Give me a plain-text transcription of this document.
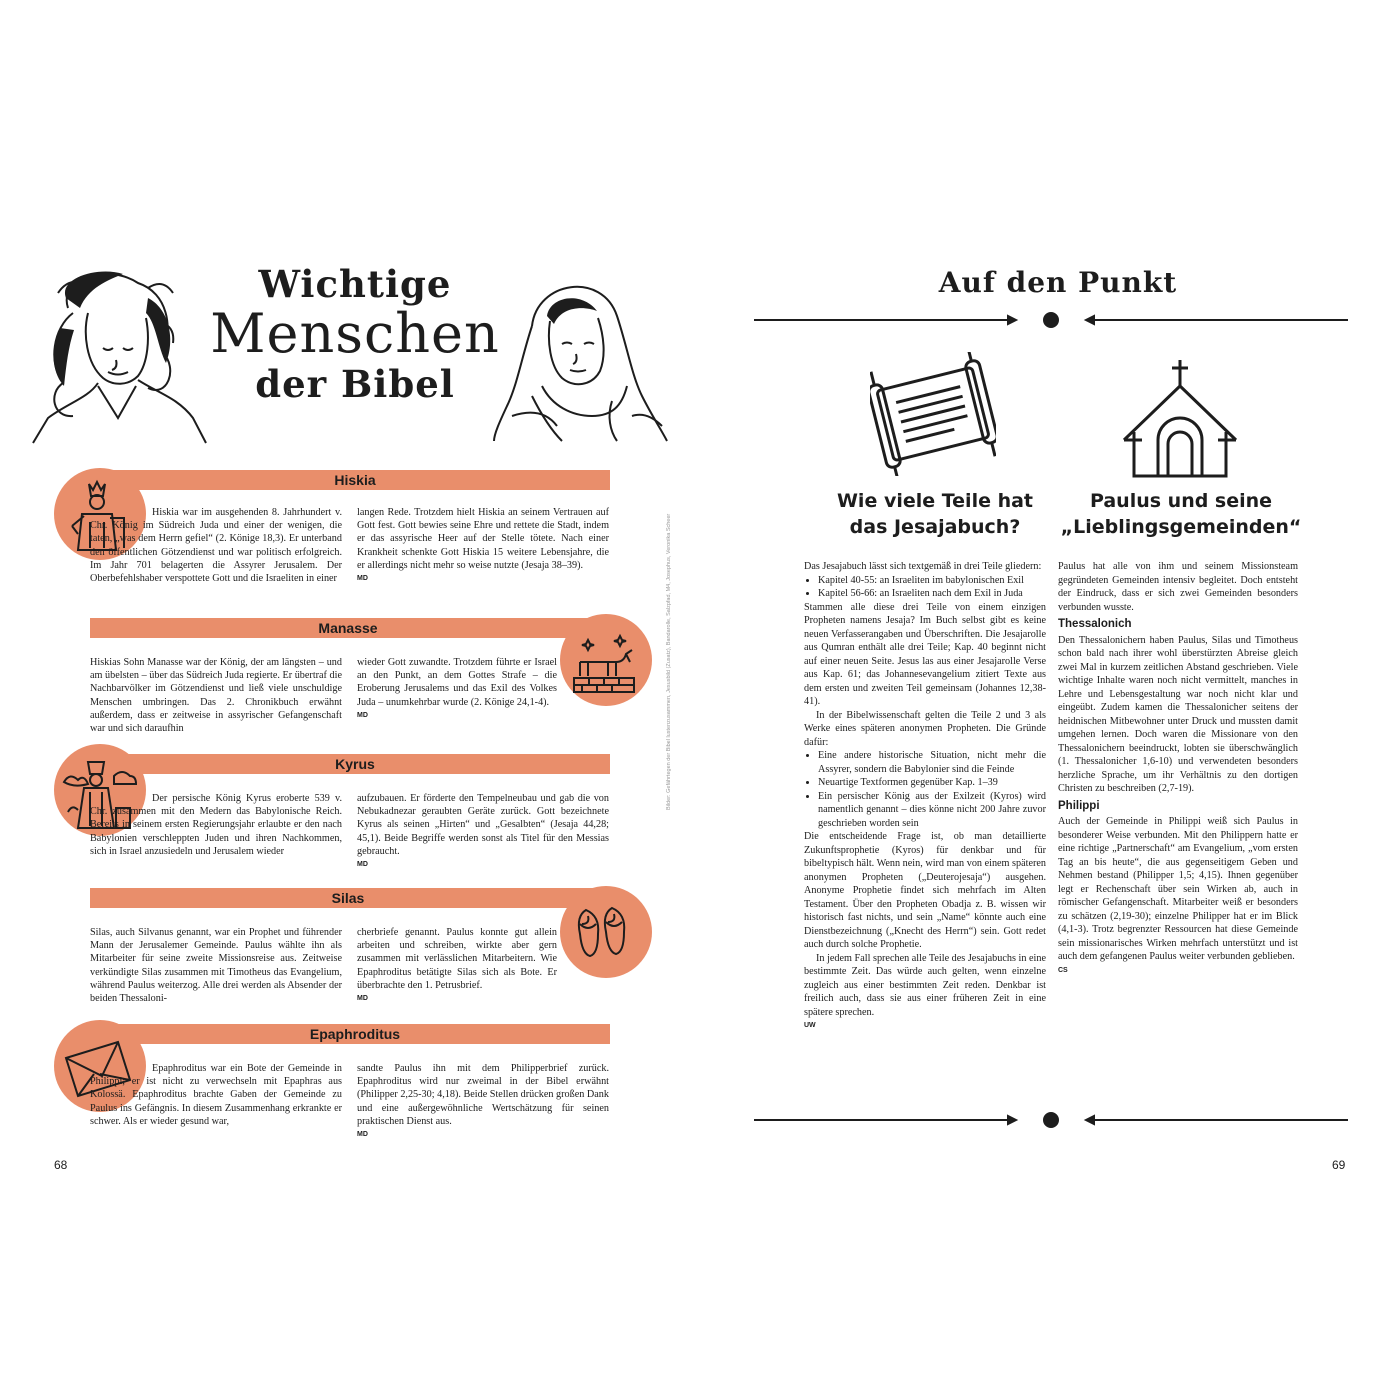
Wichtige
Menschen
der Bibel
Hiskia
Hiskia war im ausgehenden 8. Jahrhundert v. Chr. König im Südreich Juda und einer der wenigen, die taten, „was dem Herrn gefiel“ (2. Könige 18,3). Er unterband den öffentlichen Götzendienst und war politisch erfolgreich. Im Jahr 701 belagerten die Assyrer Jerusalem. Der Oberbefehlshaber verspottete Gott und die Israeliten in einer
langen Rede. Trotzdem hielt Hiskia an seinem Vertrauen auf Gott fest. Gott bewies seine Ehre und rettete die Stadt, indem er das assyrische Heer auf der Stelle tötete. Nach einer Krankheit schenkte Gott Hiskia 15 weitere Lebensjahre, die er allerdings nicht mehr so weise nutzte (Jesaja 38–39).
MD
Manasse
Hiskias Sohn Manasse war der König, der am längsten – und am übelsten – über das Südreich Juda regierte. Er übertraf die Nachbarvölker im Götzendienst und ließ viele unschuldige Menschen umbringen. Das 2. Chronikbuch erwähnt außerdem, dass er zeitweise in assyrischer Gefangenschaft war und sich daraufhin
wieder Gott zuwandte. Trotzdem führte er Israel an den Punkt, an dem Gottes Strafe – die Eroberung Jerusalems und das Exil des Volkes Juda – unumkehrbar wurde (2. Könige 24,1-4).
MD
Kyrus
Der persische König Kyrus eroberte 539 v. Chr. zusammen mit den Medern das Babylonische Reich. Bereits in seinem ersten Regierungsjahr erlaubte er den nach Babylonien verschleppten Juden und ihren Nachkommen, sich in Israel anzusiedeln und Jerusalem wieder
aufzubauen. Er förderte den Tempelneubau und gab die von Nebukadnezar geraubten Geräte zurück. Gott bezeichnete Kyrus als seinen „Hirten“ und „Gesalbten“ (Jesaja 44,28; 45,1). Beide Begriffe werden sonst als Titel für den Messias gebraucht.
MD
Silas
Silas, auch Silvanus genannt, war ein Prophet und führender Mann der Jerusalemer Gemeinde. Paulus wählte ihn als Mitarbeiter für seine zweite Missionsreise aus. Zeitweise verkündigte Silas zusammen mit Timotheus das Evangelium, während Paulus weiterzog. Alle drei werden als Absender der beiden Thessaloni-
cherbriefe genannt. Paulus konnte gut allein arbeiten und schreiben, wirkte aber gern zusammen mit verlässlichen Mitarbeitern. Wie Epaphroditus betätigte Silas sich als Bote. Er überbrachte den 1. Petrusbrief.
MD
Epaphroditus
Epaphroditus war ein Bote der Gemeinde in Philippi; er ist nicht zu verwechseln mit Epaphras aus Kolossä. Epaphroditus brachte Gaben der Gemeinde zu Paulus ins Gefängnis. In diesem Zusammenhang erkrankte er schwer. Als er wieder gesund war,
sandte Paulus ihn mit dem Philipperbrief zurück. Epaphroditus wird nur zweimal in der Bibel erwähnt (Philipper 2,25-30; 4,18). Beide Stellen drücken großen Dank und eine außergewöhnliche Wertschätzung für seinen praktischen Dienst aus.
MD
Bilder: Gefährtegen der Bibel lustenzusammen, Jesusbild (Zusatz), Bandarolle, Salzpfad, M4, Josephus, Veronika Scheer
68
Auf den Punkt
Wie viele Teile hat
das Jesajabuch?
Paulus und seine
„Lieblingsgemeinden“
Das Jesajabuch lässt sich textgemäß in drei Teile gliedern:
• Kapitel 40-55: an Israeliten im babylonischen Exil
• Kapitel 56-66: an Israeliten nach dem Exil in Juda
Stammen alle diese drei Teile von einem einzigen Propheten namens Jesaja? Im Buch selbst gibt es keine neuen Verfasserangaben und Überschriften. Die Jesajarolle aus Qumran enthält alle drei Teile; Kap. 40 beginnt nicht auf einer neuen Seite. Jesus las aus einer Jesajarolle Verse aus Kap. 61; das Johannesevangelium zitiert Texte aus dem ersten und zweiten Teil gemeinsam (Johannes 12,38-41).
In der Bibelwissenschaft gelten die Teile 2 und 3 als Werke eines späteren anonymen Propheten. Die Gründe dafür:
• Eine andere historische Situation, nicht mehr die Assyrer, sondern die Babylonier sind die Feinde
• Neuartige Textformen gegenüber Kap. 1–39
• Ein persischer König aus der Exilzeit (Kyros) wird namentlich genannt – dies könne nicht 200 Jahre zuvor geschrieben worden sein
Die entscheidende Frage ist, ob man detaillierte Zukunftsprophetie (Kyros) für denkbar und für bibeltypisch hält. Wenn nein, wird man von einem späteren anonymen Propheten („Deuterojesaja“) ausgehen. Anonyme Prophetie findet sich mehrfach im Alten Testament. Über den Propheten Obadja z. B. wissen wir historisch fast nichts, und sein „Name“ könnte auch eine Dienstbezeichnung („Knecht des Herrn“) sein. Gott redet auch durch solche Prophetie.
In jedem Fall sprechen alle Teile des Jesajabuchs in eine bestimmte Zeit. Das würde auch gelten, wenn einzelne zugleich aus einer bestimmten Zeit reden. Denkbar ist freilich auch, dass sie aus einer früheren Zeit in eine spätere sprechen.
UW
Paulus hat alle von ihm und seinem Missionsteam gegründeten Gemeinden intensiv begleitet. Doch entsteht der Eindruck, dass er sich zwei Gemeinden besonders verbunden wusste.
Thessalonich
Den Thessalonichern haben Paulus, Silas und Timotheus schon bald nach ihrer wohl überstürzten Abreise gleich zwei Mal in kurzem zeitlichen Abstand geschrieben. Viele wichtige Inhalte waren noch nicht vermittelt, manches in Lehre und Lebensgestaltung war noch nicht klar und eingeübt. Zudem kamen die Thessalonicher seitens der heidnischen Mitbewohner unter Druck und mussten damit umgehen lernen. Doch waren die Missionare von den Thessalonichern beeindruckt, lobten sie überschwänglich (1. Thessalonicher 1,6-10) und verwendeten besonders herzliche Sprache, um ihr Verhältnis zu den dortigen Christen zu beschreiben (2,7-19).
Philippi
Auch der Gemeinde in Philippi weiß sich Paulus in besonderer Weise verbunden. Mit den Philippern hatte er eine richtige „Partnerschaft“ am Evangelium, „vom ersten Tag an bis heute“, die aus gegenseitigem Geben und Nehmen bestand (Philipper 1,5; 4,15). Ihnen gegenüber legt er Rechenschaft über sein Wirken ab, auch in römischer Gefangenschaft. Mitarbeiter weiß er besonders zu schätzen (2,19-30); einzelne Philipper hat er im Blick (4,1-3). Trotz begrenzter Ressourcen hat diese Gemeinde sein missionarisches Wirken mehrfach unterstützt und ist auch dem gefangenen Paulus weiter verbunden geblieben.
CS
69
